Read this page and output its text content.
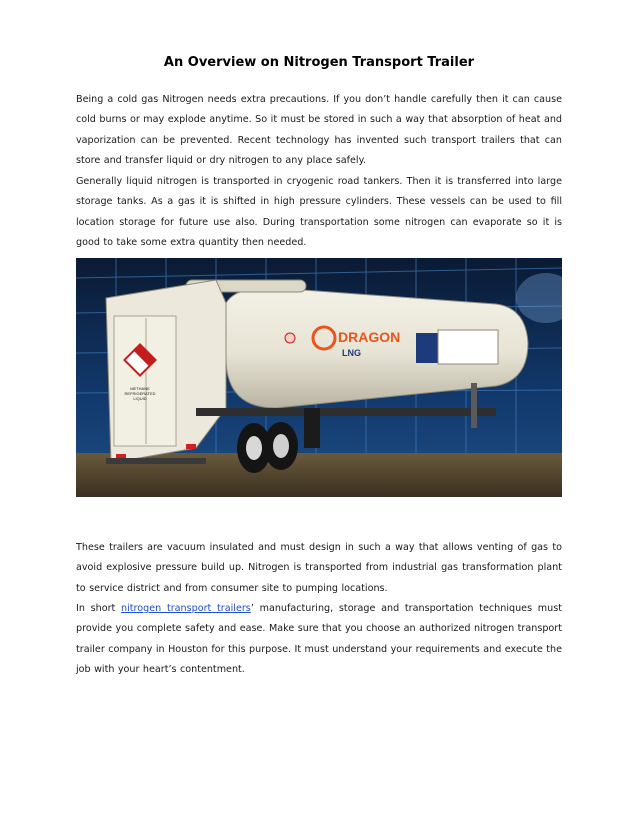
An Overview on Nitrogen Transport Trailer

Being a cold gas Nitrogen needs extra precautions. If you don’t handle carefully then it can cause cold burns or may explode anytime. So it must be stored in such a way that absorption of heat and vaporization can be prevented. Recent technology has invented such transport trailers that can store and transfer liquid or dry nitrogen to any place safely.

Generally liquid nitrogen is transported in cryogenic road tankers. Then it is transferred into large storage tanks. As a gas it is shifted in high pressure cylinders. These vessels can be used to fill location storage for future use also. During transportation some nitrogen can evaporate so it is good to take some extra quantity then needed.

METHANE
REFRIGERATED
LIQUID
DRAGON
LNG

These trailers are vacuum insulated and must design in such a way that allows venting of gas to avoid explosive pressure build up. Nitrogen is transported from industrial gas transformation plant to service district and from consumer site to pumping locations.

In short nitrogen transport trailers’ manufacturing, storage and transportation techniques must provide you complete safety and ease. Make sure that you choose an authorized nitrogen transport trailer company in Houston for this purpose. It must understand your requirements and execute the job with your heart’s contentment.
